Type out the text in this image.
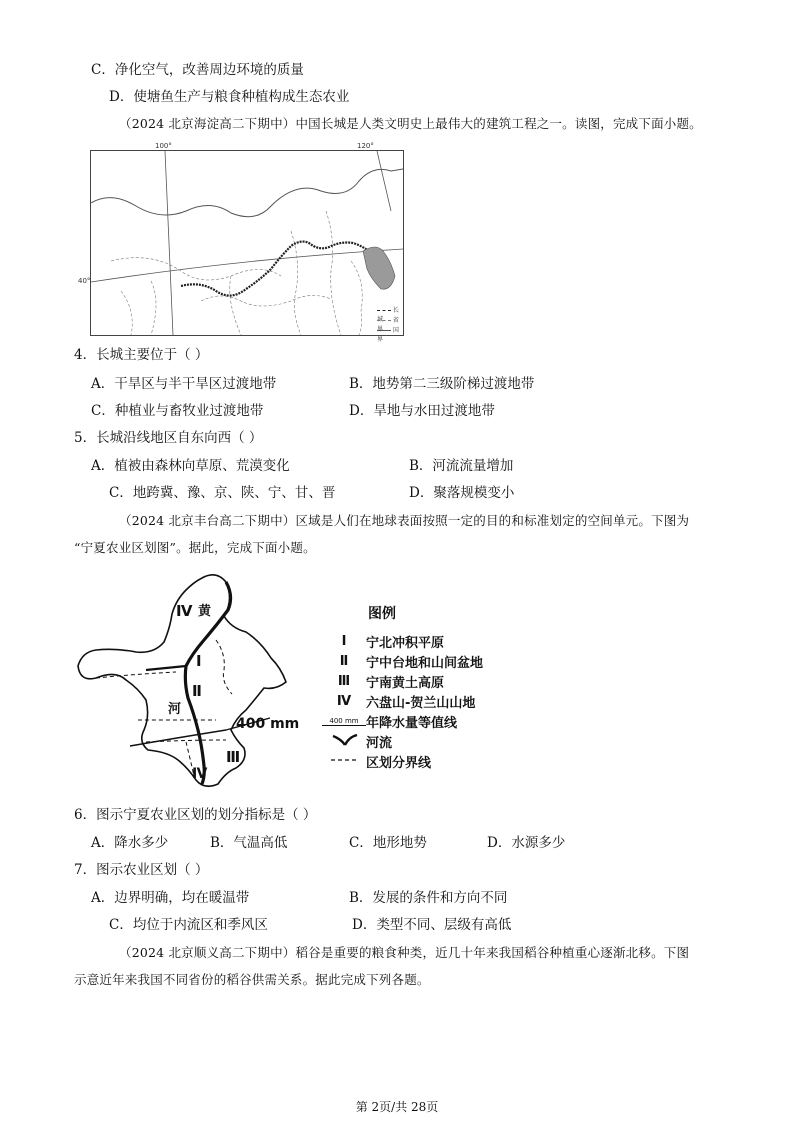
C．净化空气，改善周边环境的质量
D．使塘鱼生产与粮食种植构成生态农业
（2024 北京海淀高二下期中）中国长城是人类文明史上最伟大的建筑工程之一。读图，完成下面小题。
100°	120°
40°
长城	省界	国界
4．长城主要位于（ ）
A．干旱区与半干旱区过渡地带	B．地势第二三级阶梯过渡地带
C．种植业与畜牧业过渡地带	D．旱地与水田过渡地带
5．长城沿线地区自东向西（ ）
A．植被由森林向草原、荒漠变化	B．河流流量增加
C．地跨冀、豫、京、陕、宁、甘、晋	D．聚落规模变小
（2024 北京丰台高二下期中）区域是人们在地球表面按照一定的目的和标准划定的空间单元。下图为
“宁夏农业区划图”。据此，完成下面小题。
Ⅳ 黄
Ⅰ
Ⅱ
河
400 mm
Ⅲ
Ⅳ
图例
Ⅰ	宁北冲积平原
Ⅱ	宁中台地和山间盆地
Ⅲ	宁南黄土高原
Ⅳ	六盘山-贺兰山山地
400 mm 年降水量等值线
河流
区划分界线
6．图示宁夏农业区划的划分指标是（ ）
A．降水多少	B．气温高低	C．地形地势	D．水源多少
7．图示农业区划（ ）
A．边界明确，均在暖温带	B．发展的条件和方向不同
C．均位于内流区和季风区	D．类型不同、层级有高低
（2024 北京顺义高二下期中）稻谷是重要的粮食种类，近几十年来我国稻谷种植重心逐渐北移。下图
示意近年来我国不同省份的稻谷供需关系。据此完成下列各题。
第 2页/共 28页
